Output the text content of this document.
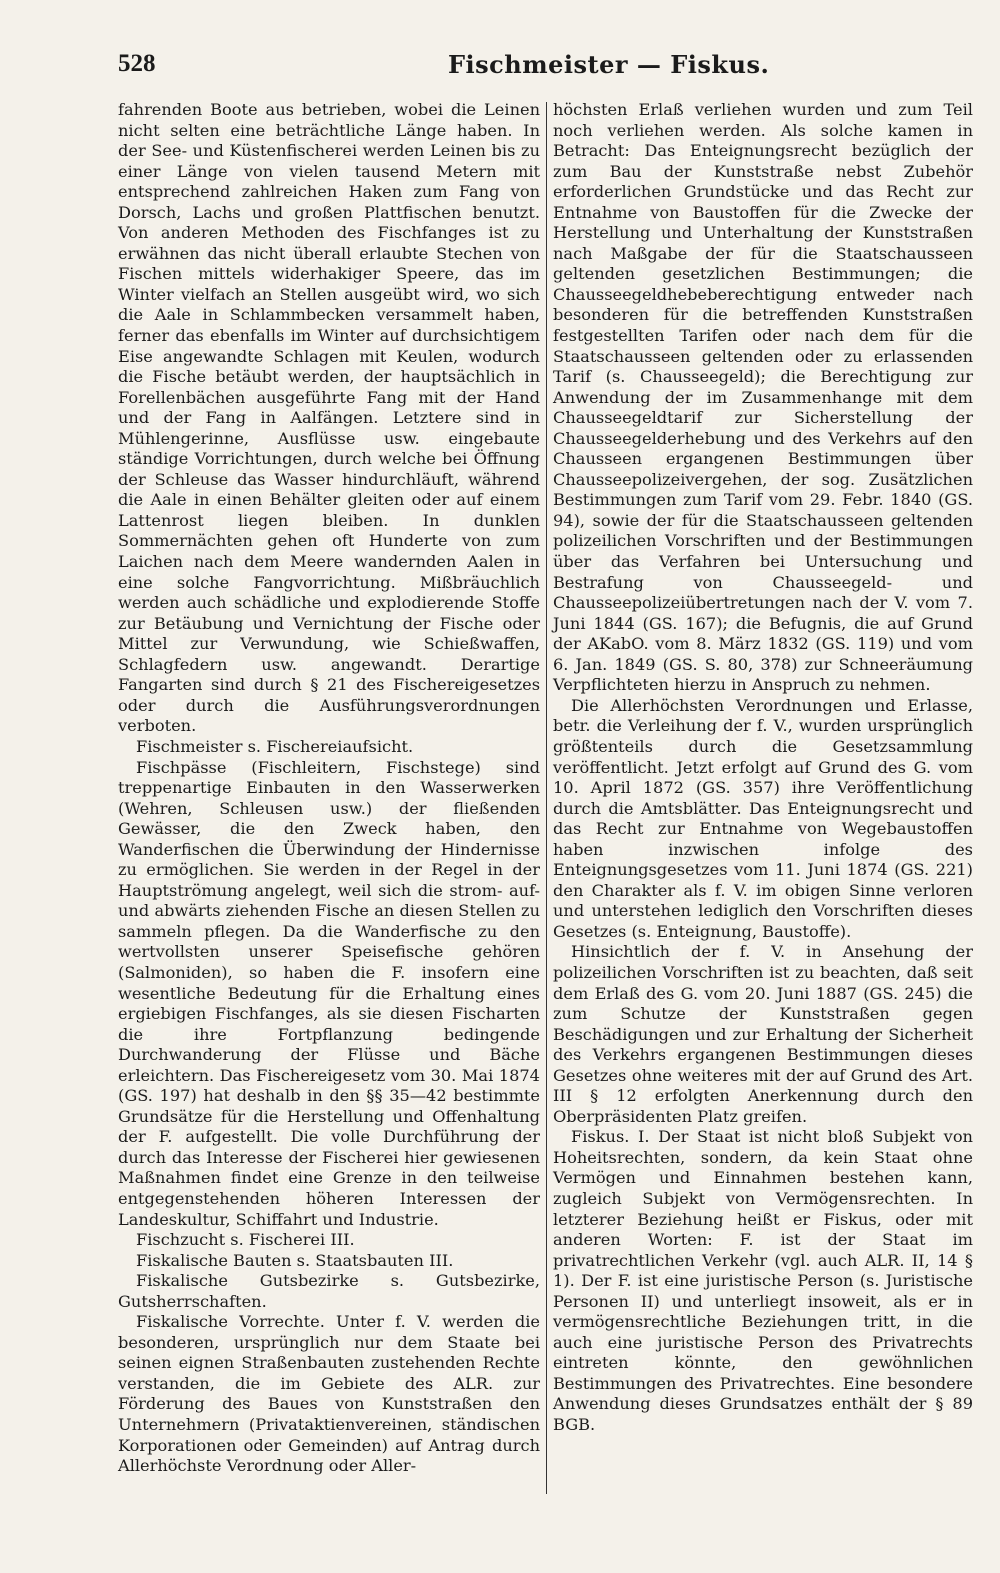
528	Fischmeister — Fiskus.

fahrenden Boote aus betrieben, wobei die Leinen nicht selten eine beträchtliche Länge haben. In der See- und Küstenfischerei werden Leinen bis zu einer Länge von vielen tausend Metern mit entsprechend zahlreichen Haken zum Fang von Dorsch, Lachs und großen Plattfischen benutzt. Von anderen Methoden des Fischfanges ist zu erwähnen das nicht überall erlaubte Stechen von Fischen mittels widerhakiger Speere, das im Winter vielfach an Stellen ausgeübt wird, wo sich die Aale in Schlammbecken versammelt haben, ferner das ebenfalls im Winter auf durchsichtigem Eise angewandte Schlagen mit Keulen, wodurch die Fische betäubt werden, der hauptsächlich in Forellenbächen ausgeführte Fang mit der Hand und der Fang in Aalfängen. Letztere sind in Mühlengerinne, Ausflüsse usw. eingebaute ständige Vorrichtungen, durch welche bei Öffnung der Schleuse das Wasser hindurchläuft, während die Aale in einen Behälter gleiten oder auf einem Lattenrost liegen bleiben. In dunklen Sommernächten gehen oft Hunderte von zum Laichen nach dem Meere wandernden Aalen in eine solche Fangvorrichtung. Mißbräuchlich werden auch schädliche und explodierende Stoffe zur Betäubung und Vernichtung der Fische oder Mittel zur Verwundung, wie Schießwaffen, Schlagfedern usw. angewandt. Derartige Fangarten sind durch § 21 des Fischereigesetzes oder durch die Ausführungsverordnungen verboten.

Fischmeister s. Fischereiaufsicht.

Fischpässe (Fischleitern, Fischstege) sind treppenartige Einbauten in den Wasserwerken (Wehren, Schleusen usw.) der fließenden Gewässer, die den Zweck haben, den Wanderfischen die Überwindung der Hindernisse zu ermöglichen. Sie werden in der Regel in der Hauptströmung angelegt, weil sich die strom- auf- und abwärts ziehenden Fische an diesen Stellen zu sammeln pflegen. Da die Wanderfische zu den wertvollsten unserer Speisefische gehören (Salmoniden), so haben die F. insofern eine wesentliche Bedeutung für die Erhaltung eines ergiebigen Fischfanges, als sie diesen Fischarten die ihre Fortpflanzung bedingende Durchwanderung der Flüsse und Bäche erleichtern. Das Fischereigesetz vom 30. Mai 1874 (GS. 197) hat deshalb in den §§ 35—42 bestimmte Grundsätze für die Herstellung und Offenhaltung der F. aufgestellt. Die volle Durchführung der durch das Interesse der Fischerei hier gewiesenen Maßnahmen findet eine Grenze in den teilweise entgegenstehenden höheren Interessen der Landeskultur, Schiffahrt und Industrie.

Fischzucht s. Fischerei III.

Fiskalische Bauten s. Staatsbauten III.

Fiskalische Gutsbezirke s. Gutsbezirke, Gutsherrschaften.

Fiskalische Vorrechte. Unter f. V. werden die besonderen, ursprünglich nur dem Staate bei seinen eignen Straßenbauten zustehenden Rechte verstanden, die im Gebiete des ALR. zur Förderung des Baues von Kunststraßen den Unternehmern (Privataktienvereinen, ständischen Korporationen oder Gemeinden) auf Antrag durch Allerhöchste Verordnung oder Aller-

höchsten Erlaß verliehen wurden und zum Teil noch verliehen werden. Als solche kamen in Betracht: Das Enteignungsrecht bezüglich der zum Bau der Kunststraße nebst Zubehör erforderlichen Grundstücke und das Recht zur Entnahme von Baustoffen für die Zwecke der Herstellung und Unterhaltung der Kunststraßen nach Maßgabe der für die Staatschausseen geltenden gesetzlichen Bestimmungen; die Chausseegeldhebeberechtigung entweder nach besonderen für die betreffenden Kunststraßen festgestellten Tarifen oder nach dem für die Staatschausseen geltenden oder zu erlassenden Tarif (s. Chausseegeld); die Berechtigung zur Anwendung der im Zusammenhange mit dem Chausseegeldtarif zur Sicherstellung der Chausseegelderhebung und des Verkehrs auf den Chausseen ergangenen Bestimmungen über Chausseepolizeivergehen, der sog. Zusätzlichen Bestimmungen zum Tarif vom 29. Febr. 1840 (GS. 94), sowie der für die Staatschausseen geltenden polizeilichen Vorschriften und der Bestimmungen über das Verfahren bei Untersuchung und Bestrafung von Chausseegeld- und Chausseepolizeiübertretungen nach der V. vom 7. Juni 1844 (GS. 167); die Befugnis, die auf Grund der AKabO. vom 8. März 1832 (GS. 119) und vom 6. Jan. 1849 (GS. S. 80, 378) zur Schneeräumung Verpflichteten hierzu in Anspruch zu nehmen.

Die Allerhöchsten Verordnungen und Erlasse, betr. die Verleihung der f. V., wurden ursprünglich größtenteils durch die Gesetzsammlung veröffentlicht. Jetzt erfolgt auf Grund des G. vom 10. April 1872 (GS. 357) ihre Veröffentlichung durch die Amtsblätter. Das Enteignungsrecht und das Recht zur Entnahme von Wegebaustoffen haben inzwischen infolge des Enteignungsgesetzes vom 11. Juni 1874 (GS. 221) den Charakter als f. V. im obigen Sinne verloren und unterstehen lediglich den Vorschriften dieses Gesetzes (s. Enteignung, Baustoffe).

Hinsichtlich der f. V. in Ansehung der polizeilichen Vorschriften ist zu beachten, daß seit dem Erlaß des G. vom 20. Juni 1887 (GS. 245) die zum Schutze der Kunststraßen gegen Beschädigungen und zur Erhaltung der Sicherheit des Verkehrs ergangenen Bestimmungen dieses Gesetzes ohne weiteres mit der auf Grund des Art. III § 12 erfolgten Anerkennung durch den Oberpräsidenten Platz greifen.

Fiskus. I. Der Staat ist nicht bloß Subjekt von Hoheitsrechten, sondern, da kein Staat ohne Vermögen und Einnahmen bestehen kann, zugleich Subjekt von Vermögensrechten. In letzterer Beziehung heißt er Fiskus, oder mit anderen Worten: F. ist der Staat im privatrechtlichen Verkehr (vgl. auch ALR. II, 14 § 1). Der F. ist eine juristische Person (s. Juristische Personen II) und unterliegt insoweit, als er in vermögensrechtliche Beziehungen tritt, in die auch eine juristische Person des Privatrechts eintreten könnte, den gewöhnlichen Bestimmungen des Privatrechtes. Eine besondere Anwendung dieses Grundsatzes enthält der § 89 BGB.
